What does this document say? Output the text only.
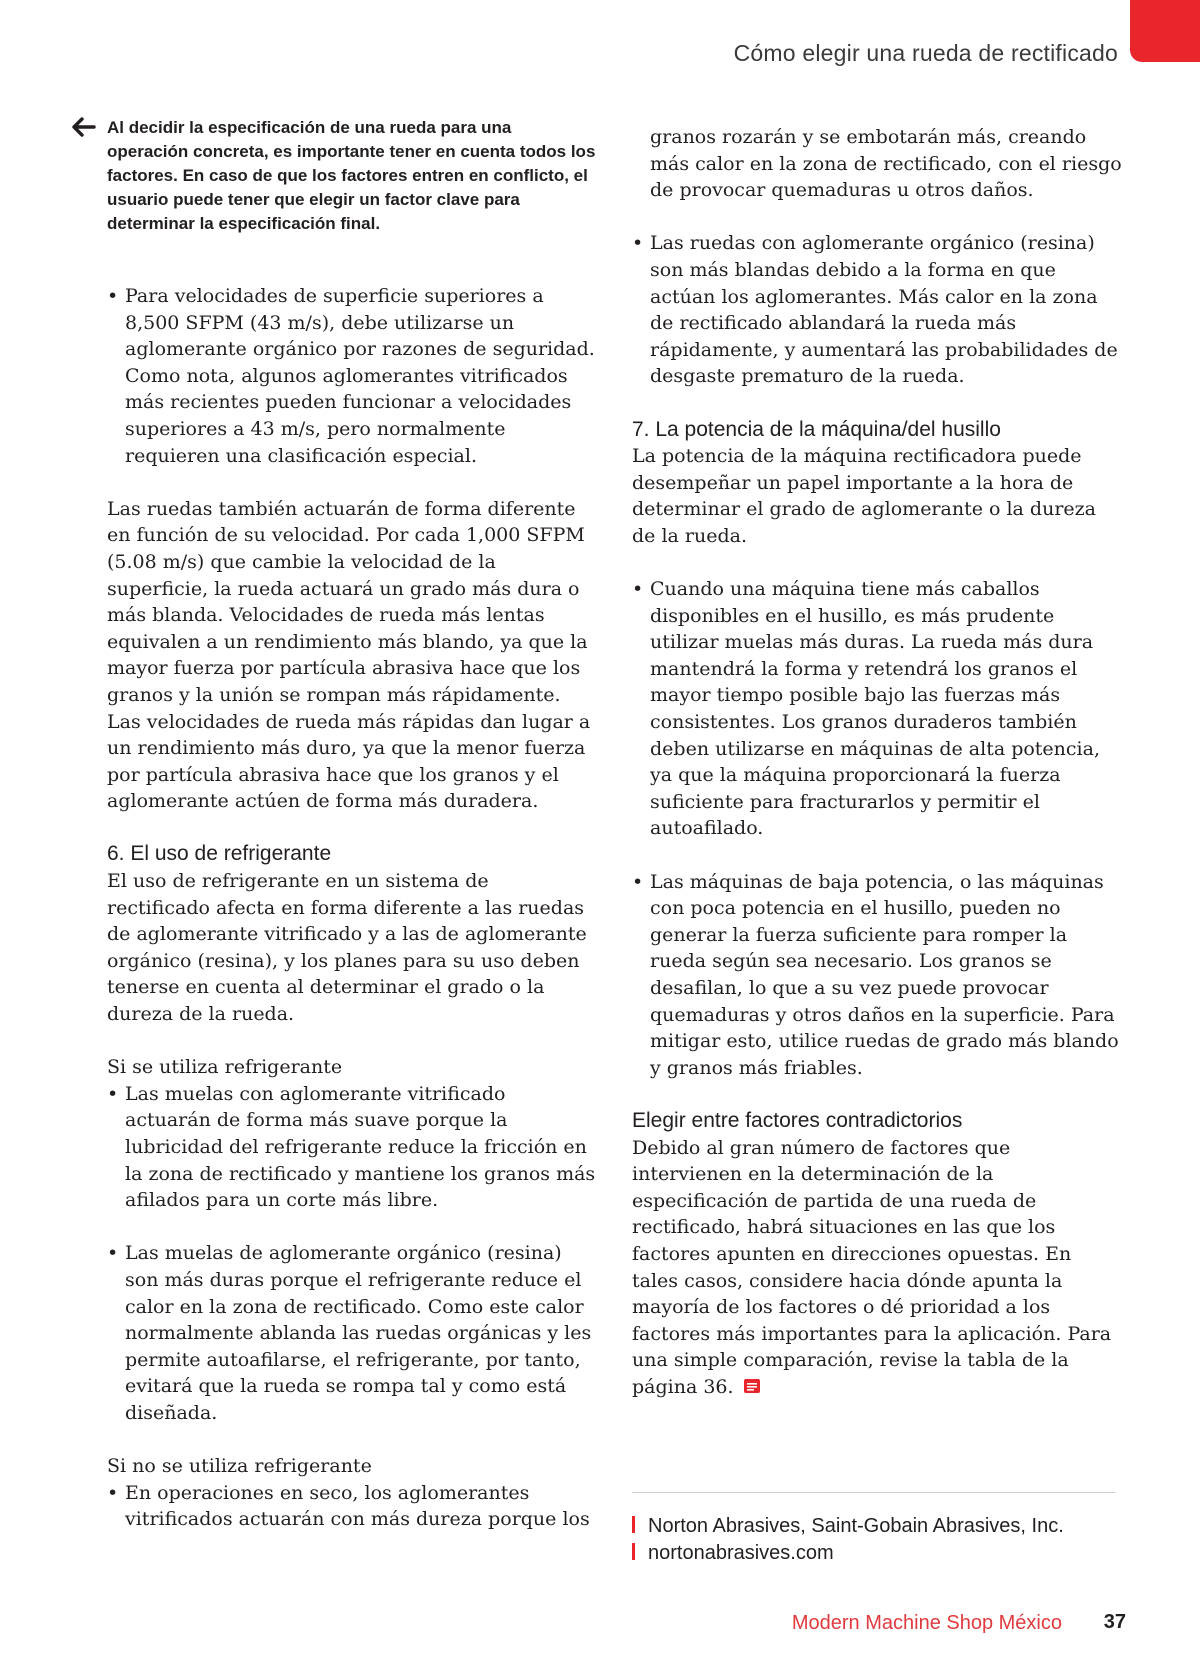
Cómo elegir una rueda de rectificado
Al decidir la especificación de una rueda para una operación concreta, es importante tener en cuenta todos los factores. En caso de que los factores entren en conflicto, el usuario puede tener que elegir un factor clave para determinar la especificación final.
• Para velocidades de superficie superiores a 8,500 SFPM (43 m/s), debe utilizarse un aglomerante orgánico por razones de seguridad. Como nota, algunos aglomerantes vitrificados más recientes pueden funcionar a velocidades superiores a 43 m/s, pero normalmente requieren una clasificación especial.

Las ruedas también actuarán de forma diferente en función de su velocidad. Por cada 1,000 SFPM (5.08 m/s) que cambie la velocidad de la superficie, la rueda actuará un grado más dura o más blanda. Velocidades de rueda más lentas equivalen a un rendimiento más blando, ya que la mayor fuerza por partícula abrasiva hace que los granos y la unión se rompan más rápidamente. Las velocidades de rueda más rápidas dan lugar a un rendimiento más duro, ya que la menor fuerza por partícula abrasiva hace que los granos y el aglomerante actúen de forma más duradera.

6. El uso de refrigerante

El uso de refrigerante en un sistema de rectificado afecta en forma diferente a las ruedas de aglomerante vitrificado y a las de aglomerante orgánico (resina), y los planes para su uso deben tenerse en cuenta al determinar el grado o la dureza de la rueda.

Si se utiliza refrigerante

• Las muelas con aglomerante vitrificado actuarán de forma más suave porque la lubricidad del refrigerante reduce la fricción en la zona de rectificado y mantiene los granos más afilados para un corte más libre.
• Las muelas de aglomerante orgánico (resina) son más duras porque el refrigerante reduce el calor en la zona de rectificado. Como este calor normalmente ablanda las ruedas orgánicas y les permite autoafilarse, el refrigerante, por tanto, evitará que la rueda se rompa tal y como está diseñada.

Si no se utiliza refrigerante

• En operaciones en seco, los aglomerantes vitrificados actuarán con más dureza porque los
granos rozarán y se embotarán más, creando más calor en la zona de rectificado, con el riesgo de provocar quemaduras u otros daños.
• Las ruedas con aglomerante orgánico (resina) son más blandas debido a la forma en que actúan los aglomerantes. Más calor en la zona de rectificado ablandará la rueda más rápidamente, y aumentará las probabilidades de desgaste prematuro de la rueda.
7. La potencia de la máquina/del husillo

La potencia de la máquina rectificadora puede desempeñar un papel importante a la hora de determinar el grado de aglomerante o la dureza de la rueda.

• Cuando una máquina tiene más caballos disponibles en el husillo, es más prudente utilizar muelas más duras. La rueda más dura mantendrá la forma y retendrá los granos el mayor tiempo posible bajo las fuerzas más consistentes. Los granos duraderos también deben utilizarse en máquinas de alta potencia, ya que la máquina proporcionará la fuerza suficiente para fracturarlos y permitir el autoafilado.
• Las máquinas de baja potencia, o las máquinas con poca potencia en el husillo, pueden no generar la fuerza suficiente para romper la rueda según sea necesario. Los granos se desafilan, lo que a su vez puede provocar quemaduras y otros daños en la superficie. Para mitigar esto, utilice ruedas de grado más blando y granos más friables.
Elegir entre factores contradictorios

Debido al gran número de factores que intervienen en la determinación de la especificación de partida de una rueda de rectificado, habrá situaciones en las que los factores apunten en direcciones opuestas. En tales casos, considere hacia dónde apunta la mayoría de los factores o dé prioridad a los factores más importantes para la aplicación. Para una simple comparación, revise la tabla de la página 36.

Norton Abrasives, Saint-Gobain Abrasives, Inc.
nortonabrasives.com
Modern Machine Shop México 37
